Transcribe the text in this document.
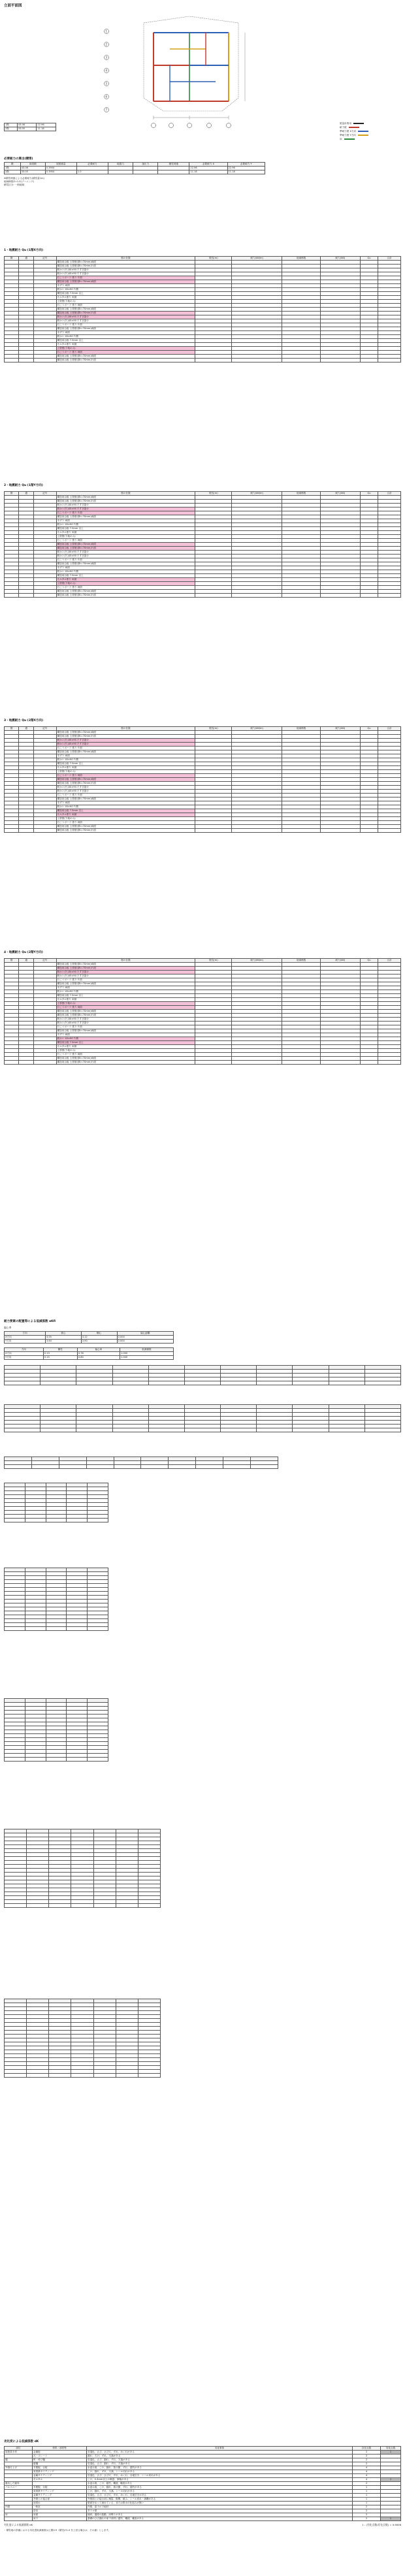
立面平面図
1
2
3
4
5
6
7
1階	43.06	22.96
2階	33.05	11.18
壁量計算用
耐力壁
準耐力壁 X方向
準耐力壁 Y方向
床
必要耐力の算出(積雪)
階	床面積	屋根重量	必要耐力	地震力	風圧力	積雪荷重	必要耐力 X	必要耐力 Y
1階	43.06	0.3954					22.96	22.96
2階	33.05	0.3954	1.0				11.18	11.18
※積雪荷重による必要耐力(積雪量1m)
地域係数Z=1.0(ゾーニング)
積雪区分: 一般地域
1・地震耐力 Qu (1階X方向)
階	通	記号	壁の仕様	壁長(m)	耐力(kN/m)	低減係数	耐力(kN)	Qu	合計
			構造用合板 土塗壁(厚t=70mm)両面						
			構造用合板 土塗壁(厚t=70mm)片面						
			筋かい(片)30×90 たすき掛け						
			筋かい(片)45×90 たすき掛け						
			石こうボード 張り 片面						
			構造用合板 土塗壁(厚t=70mm)両面						
			木ずり 両面						
			筋かい 45×90 片側						
			構造用合板 7.5mm 以上						
			モルタル塗り 両面						
			土塗壁(下地のみ)						
			石こうボード 張り 両面						
			構造用合板 土塗壁(厚t=70mm)両面						
			構造用合板 土塗壁(厚t=70mm)片面						
			筋かい(片)30×90 たすき掛け						
			筋かい(片)45×90 たすき掛け						
			石こうボード 張り 片面						
			構造用合板 土塗壁(厚t=70mm)両面						
			木ずり 両面						
			筋かい 45×90 片側						
			構造用合板 7.5mm 以上						
			モルタル塗り 両面						
			土塗壁(下地のみ)						
			石こうボード 張り 両面						
			構造用合板 土塗壁(厚t=70mm)両面						
			構造用合板 土塗壁(厚t=70mm)片面						
2・地震耐力 Qu (1階Y方向)
階	通	記号	壁の仕様	壁長(m)	耐力(kN/m)	低減係数	耐力(kN)	Qu	合計
			構造用合板 土塗壁(厚t=70mm)両面						
			構造用合板 土塗壁(厚t=70mm)片面						
			筋かい(片)30×90 たすき掛け						
			筋かい(片)45×90 たすき掛け						
			石こうボード 張り 片面						
			構造用合板 土塗壁(厚t=70mm)両面						
			木ずり 両面						
			筋かい 45×90 片側						
			構造用合板 7.5mm 以上						
			モルタル塗り 両面						
			土塗壁(下地のみ)						
			石こうボード 張り 両面						
			構造用合板 土塗壁(厚t=70mm)両面						
			構造用合板 土塗壁(厚t=70mm)片面						
			筋かい(片)30×90 たすき掛け						
			筋かい(片)45×90 たすき掛け						
			石こうボード 張り 片面						
			構造用合板 土塗壁(厚t=70mm)両面						
			木ずり 両面						
			筋かい 45×90 片側						
			構造用合板 7.5mm 以上						
			モルタル塗り 両面						
			土塗壁(下地のみ)						
			石こうボード 張り 両面						
			構造用合板 土塗壁(厚t=70mm)両面						
			構造用合板 土塗壁(厚t=70mm)片面						
3・地震耐力 Qu (2階X方向)
階	通	記号	壁の仕様	壁長(m)	耐力(kN/m)	低減係数	耐力(kN)	Qu	合計
			構造用合板 土塗壁(厚t=70mm)両面						
			構造用合板 土塗壁(厚t=70mm)片面						
			筋かい(片)30×90 たすき掛け						
			筋かい(片)45×90 たすき掛け						
			石こうボード 張り 片面						
			構造用合板 土塗壁(厚t=70mm)両面						
			木ずり 両面						
			筋かい 45×90 片側						
			構造用合板 7.5mm 以上						
			モルタル塗り 両面						
			土塗壁(下地のみ)						
			石こうボード 張り 両面						
			構造用合板 土塗壁(厚t=70mm)両面						
			構造用合板 土塗壁(厚t=70mm)片面						
			筋かい(片)30×90 たすき掛け						
			筋かい(片)45×90 たすき掛け						
			石こうボード 張り 片面						
			構造用合板 土塗壁(厚t=70mm)両面						
			木ずり 両面						
			筋かい 45×90 片側						
			構造用合板 7.5mm 以上						
			モルタル塗り 両面						
			土塗壁(下地のみ)						
			石こうボード 張り 両面						
			構造用合板 土塗壁(厚t=70mm)両面						
			構造用合板 土塗壁(厚t=70mm)片面						
4・地震耐力 Qu (2階Y方向)
階	通	記号	壁の仕様	壁長(m)	耐力(kN/m)	低減係数	耐力(kN)	Qu	合計
			構造用合板 土塗壁(厚t=70mm)両面						
			構造用合板 土塗壁(厚t=70mm)片面						
			筋かい(片)30×90 たすき掛け						
			筋かい(片)45×90 たすき掛け						
			石こうボード 張り 片面						
			構造用合板 土塗壁(厚t=70mm)両面						
			木ずり 両面						
			筋かい 45×90 片側						
			構造用合板 7.5mm 以上						
			モルタル塗り 両面						
			土塗壁(下地のみ)						
			石こうボード 張り 両面						
			構造用合板 土塗壁(厚t=70mm)両面						
			構造用合板 土塗壁(厚t=70mm)片面						
			筋かい(片)30×90 たすき掛け						
			筋かい(片)45×90 たすき掛け						
			石こうボード 張り 片面						
			構造用合板 土塗壁(厚t=70mm)両面						
			木ずり 両面						
			筋かい 45×90 片側						
			構造用合板 7.5mm 以上						
			モルタル塗り 両面						
			土塗壁(下地のみ)						
			石こうボード 張り 両面						
			構造用合板 土塗壁(厚t=70mm)両面						
			構造用合板 土塗壁(厚t=70mm)片面						
耐力要素の配置等による低減係数 eKfl
偏心率
方向	重心	剛心	偏心距離
X方向	4.55	4.12	0.000
Y方向	3.64	3.90	0.000
方向	剛性	偏心率	低減係数
X方向	0.13	0.78	1.000
Y方向	0.15	0.80	1.000

劣化度による低減係数 dK
部位	材料・部材等	劣化事象	存在点数	劣化点数
屋根葺き材	金属板	変退色、さび、さび穴、ずれ、めくれがある	2	1
	瓦・スレート	割れ、欠け、ずれ、欠落がある	2	
樋	軒・呼び樋	変退色、さび、割れ、ずれ、欠落がある	2	
	縦樋	変退色、さび、割れ、ずれ、欠落がある	2	
外壁仕上げ	木製板、合板	水浸み痕、こけ、割れ、抜け節、ずれ、腐朽がある	4	
	窯業系サイディング	こけ、割れ、ずれ、欠落、シール切れがある	4	
	金属サイディング	変退色、さび、さび穴、ずれ、めくれ、目地空き、シール切れがある	4	
	モルタル	こけ、0.3mm以上の亀裂、剥落がある	4	1
露出した躯体		水浸み痕、こけ、腐朽、蟻道、蟻害がある	2	
バルコニー	木製板、合板	水浸み痕、こけ、割れ、抜け節、ずれ、腐朽がある	1	
	窯業系サイディング	こけ、割れ、ずれ、欠落、シール切れがある	1	
	金属サイディング	変退色、さび、さび穴、ずれ、めくれ、目地空きがある	1	
	外壁との接合部	外壁面との接合部に亀裂、隙間、緩み、シール切れ・剥離がある	1	
	床排水	壁面を伝って流れている、または排水の仕組みが無い	1	
内壁	一般室	内壁、窓下の下地材	2	
	浴室	タイル壁	2	
床	床面	傾斜、過度の振動、床鳴りがある	2	
	床下	基礎のひび割れや床下部材に腐朽、蟻道、蟻害がある	2	1
劣化度による低減係数 dK	1 - (劣化点数/存在点数) = 0.9006
・積雪地の設備における劣化度低減係数は上限0.9（積雪が1.0 を上回る場合は、その値）とします。
